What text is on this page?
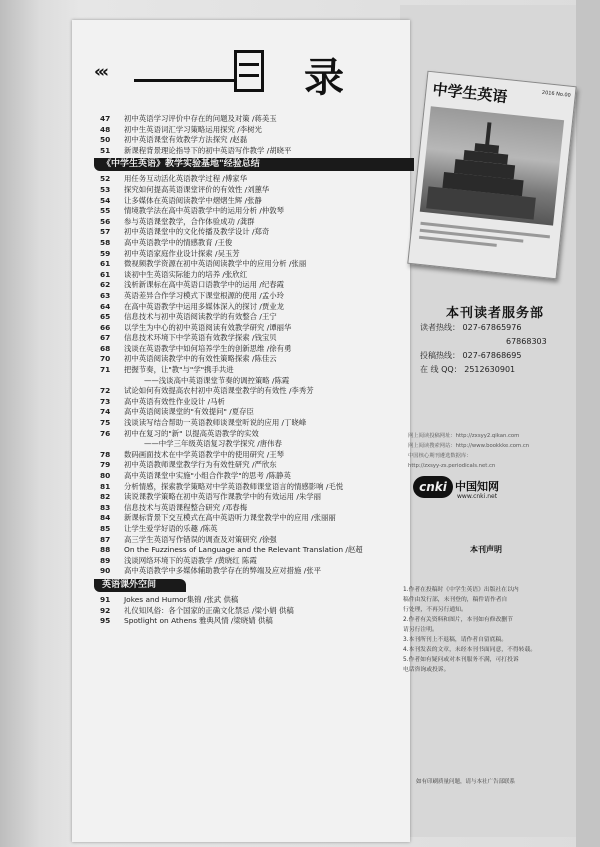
‹‹‹	录
47	初中英语学习评价中存在的问题及对策 /蒋美玉
48	初中生英语词汇学习策略运用探究 /李树光
50	初中英语课堂有效教学方法探究 /赵磊
51	新课程背景理论指导下的初中英语写作教学 /胡晓平
《中学生英语》教学实验基地"经验总结
52	用任务互动活化英语教学过程 /傅家华
53	探究如何提高英语课堂评价的有效性 /刘蕙华
54	让多媒体在英语阅读教学中熠熠生辉 /张静
55	情境教学法在高中英语教学中的运用分析 /仲敦琴
56	参与英语课堂教学，合作体验成功 /龚群
57	初中英语课堂中的文化传播及教学设计 /郑奇
58	高中英语教学中的情感教育 /王俊
59	初中英语家庭作业设计探索 /吴玉芳
61	微视频教学资源在初中英语阅读教学中的应用分析 /张丽
61	谈初中生英语实际能力的培养 /张欣红
62	浅析新课标在高中英语口语教学中的运用 /纪春霞
63	英语差异合作学习模式下课堂根源的使用 /孟小玲
64	在高中英语教学中运用多媒体深入的探讨 /贾业龙
65	信息技术与初中英语阅读教学的有效整合 /王宁
66	以学生为中心的初中英语阅读有效教学研究 /谭丽华
67	信息技术环境下中学英语有效教学探索 /钱宝贝
68	浅谈在英语教学中如何培养学生的创新思维 /徐有勇
70	初中英语阅读教学中的有效性策略探索 /陈佳云
71	把握节奏，让"教"与"学"携手共进
——浅谈高中英语课堂节奏的调控策略 /陈霞
72	试论如何有效提高农村初中英语课堂教学的有效性 /李秀芳
73	高中英语有效性作业设计 /马析
74	高中英语阅读课堂的"有效提问" /夏存臣
75	浅谈读写结合帮助一英语教师谈课堂听说的应用 /丁晓峰
76	初中在复习的"新" 以提高英语教学的实效
——中学三年级英语复习教学探究 /唐伟春
78	数码画面技术在中学英语教学中的使用研究 /王琴
79	初中英语教师课堂教学行为有效性研究 /严欣东
80	高中英语课堂中实施"小组合作教学"的思考 /陈静英
81	分析情感，探索教学策略对中学英语教师课堂语言的情感影响 /毛悦
82	读说课教学策略在初中英语写作课教学中的有效运用 /朱学丽
83	信息技术与英语课程整合研究 /邓春梅
84	新课标背景下交互模式在高中英语听力课堂教学中的应用 /张丽丽
85	让学生爱学好语的乐趣 /陈英
87	高三学生英语写作错误的调查及对策研究 /徐强
88	On the Fuzziness of Language and the Relevant Translation /赵超
89	浅谈网络环境下的英语教学 /黄晓红 陈霞
90	高中英语教学中多媒体辅助教学存在的弊端及应对措施 /张平
英语课外空间
91	Jokes and Humor集锦 /张武 供稿
92	礼仪知风俗：各个国家的正确文化禁忌 /梁小娟 供稿
95	Spotlight on Athens 雅典风情 /梁晓婧 供稿
中学生英语	2016 No.00
本刊读者服务部
读者热线： 027-67865976
67868303
投稿热线： 027-67868695
在 线 QQ： 2512630901
网上阅读投稿网址：http://zxsyy2.qikan.com
网上阅读搜索网站：http://www.bookkke.com.cn
中国核心期刊遴选数据库：
http://zxsyy-zs.periodicals.net.cn
cnki 中国知网
www.cnki.net
本刊声明
1.作者在投稿时《中学生英语》出版社在以内
稿件由发行部，未刊登的，稿件请作者自
行处理，不再另行通知。
2.作者有关资料和图片，本刊如有修改删节
请另行注明。
3.本刊所刊上不退稿，请作者自留底稿。
4.本刊发表的文章，未经本刊书面同意，不得转载。
5.作者如有疑问或对本刊服务不满，可打投诉
电话咨询或投诉。
如有印刷质量问题，请与本社广告部联系
